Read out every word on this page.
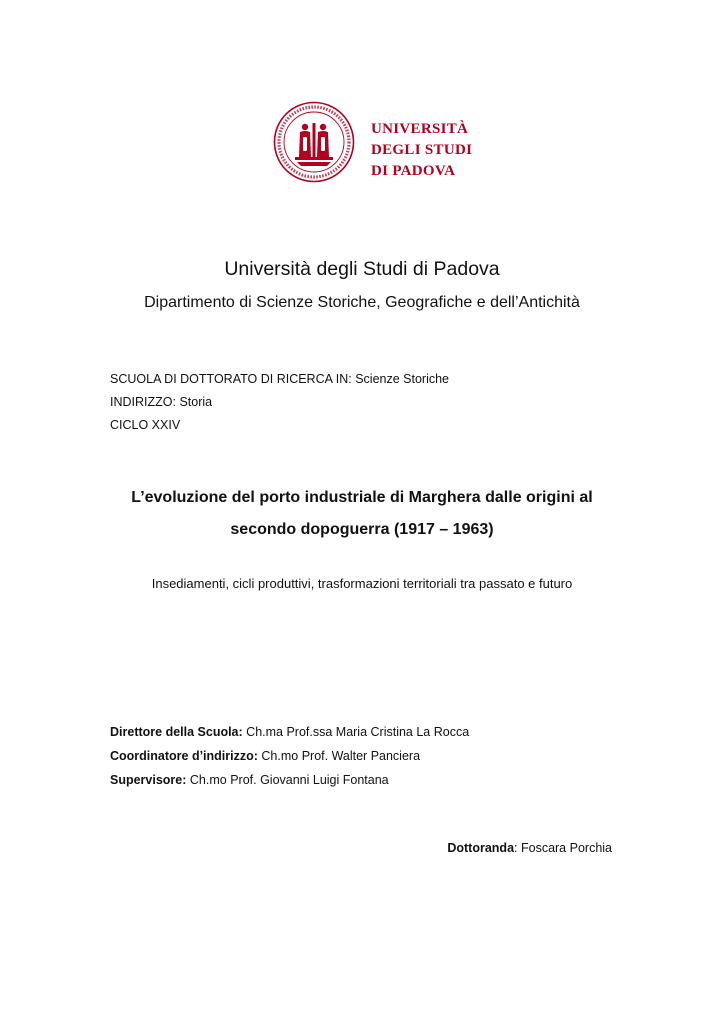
UNIVERSITÀ
DEGLI STUDI
DI PADOVA
Università degli Studi di Padova
Dipartimento di Scienze Storiche, Geografiche e dell’Antichità
SCUOLA DI DOTTORATO DI RICERCA IN: Scienze Storiche
INDIRIZZO: Storia
CICLO XXIV
L’evoluzione del porto industriale di Marghera dalle origini al
secondo dopoguerra (1917 – 1963)
Insediamenti, cicli produttivi, trasformazioni territoriali tra passato e futuro
Direttore della Scuola: Ch.ma Prof.ssa Maria Cristina La Rocca
Coordinatore d’indirizzo: Ch.mo Prof. Walter Panciera
Supervisore: Ch.mo Prof. Giovanni Luigi Fontana
Dottoranda: Foscara Porchia
